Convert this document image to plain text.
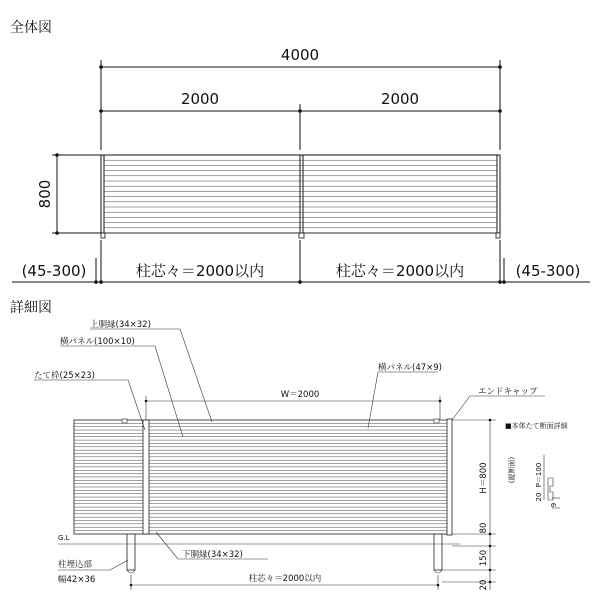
全体図
4000
2000	2000
800
(45-300)	柱芯々＝2000以内	柱芯々＝2000以内	(45-300)
詳細図
W＝2000
H＝800
80
150
20
柱芯々＝2000以内
G.L
上胴縁(34×32)
横パネル(100×10)
たて枠(25×23)
横パネル(47×9)
エンドキャップ
柱埋込部
幅42×36
下胴縁(34×32)
■本体たて断面詳細
(縦断面)	P＝100
20
9
